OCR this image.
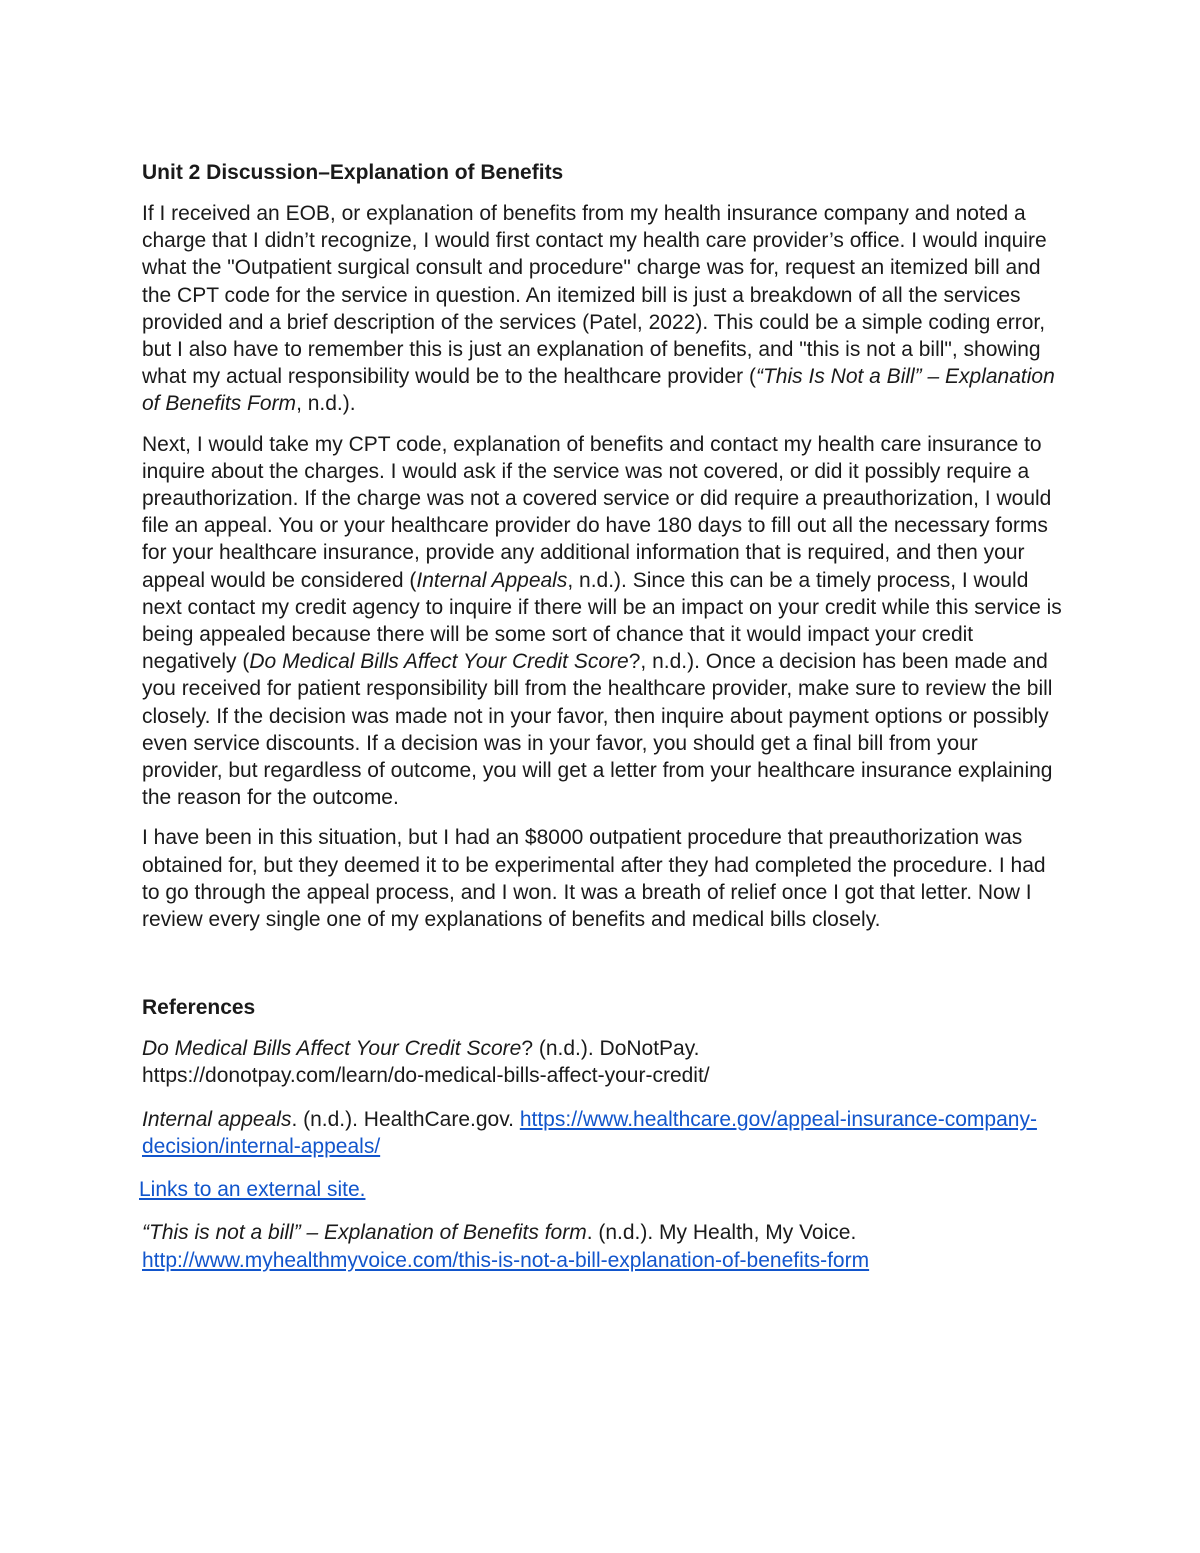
Unit 2 Discussion–Explanation of Benefits

If I received an EOB, or explanation of benefits from my health insurance company and noted a charge that I didn’t recognize, I would first contact my health care provider’s office. I would inquire what the "Outpatient surgical consult and procedure" charge was for, request an itemized bill and the CPT code for the service in question. An itemized bill is just a breakdown of all the services provided and a brief description of the services (Patel, 2022). This could be a simple coding error, but I also have to remember this is just an explanation of benefits, and "this is not a bill", showing what my actual responsibility would be to the healthcare provider (“This Is Not a Bill” – Explanation of Benefits Form, n.d.).

Next, I would take my CPT code, explanation of benefits and contact my health care insurance to inquire about the charges. I would ask if the service was not covered, or did it possibly require a preauthorization. If the charge was not a covered service or did require a preauthorization, I would file an appeal. You or your healthcare provider do have 180 days to fill out all the necessary forms for your healthcare insurance, provide any additional information that is required, and then your appeal would be considered (Internal Appeals, n.d.). Since this can be a timely process, I would next contact my credit agency to inquire if there will be an impact on your credit while this service is being appealed because there will be some sort of chance that it would impact your credit negatively (Do Medical Bills Affect Your Credit Score?, n.d.). Once a decision has been made and you received for patient responsibility bill from the healthcare provider, make sure to review the bill closely. If the decision was made not in your favor, then inquire about payment options or possibly even service discounts. If a decision was in your favor, you should get a final bill from your provider, but regardless of outcome, you will get a letter from your healthcare insurance explaining the reason for the outcome.

I have been in this situation, but I had an $8000 outpatient procedure that preauthorization was obtained for, but they deemed it to be experimental after they had completed the procedure. I had to go through the appeal process, and I won. It was a breath of relief once I got that letter. Now I review every single one of my explanations of benefits and medical bills closely.

References

Do Medical Bills Affect Your Credit Score? (n.d.). DoNotPay.
https://donotpay.com/learn/do-medical-bills-affect-your-credit/

Internal appeals. (n.d.). HealthCare.gov. https://www.healthcare.gov/appeal-insurance-company-decision/internal-appeals/

Links to an external site.

“This is not a bill” – Explanation of Benefits form. (n.d.). My Health, My Voice.
http://www.myhealthmyvoice.com/this-is-not-a-bill-explanation-of-benefits-form
